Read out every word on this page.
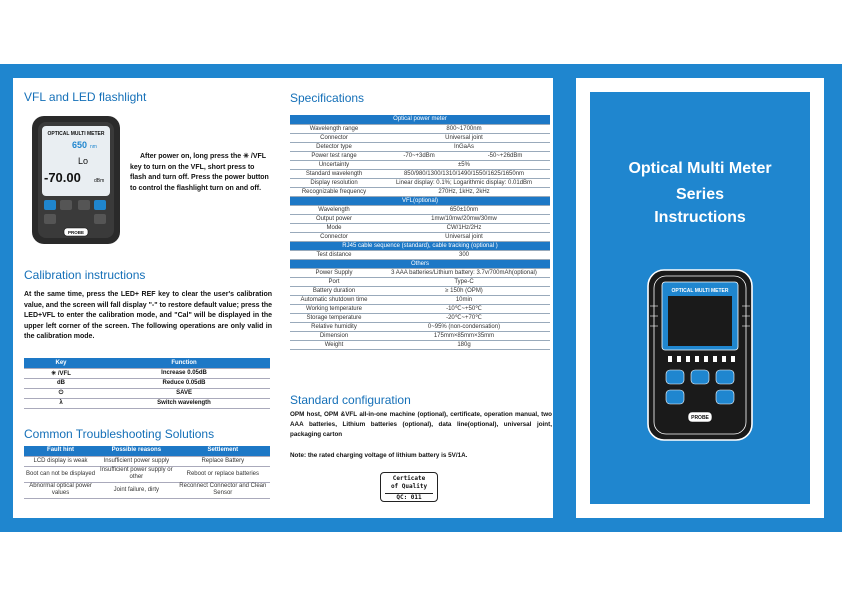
VFL and LED flashlight
OPTICAL MULTI METER
650 nm
Lo
-70.00	dBm
PROBE
After power on, long press the ✳ /VFL key to turn on the VFL, short press to flash and turn off. Press the power button to control the flashlight turn on and off.
Calibration instructions
At the same time, press the LED+ REF key to clear the user's calibration value, and the screen will fall display "-" to restore default value; press the LED+VFL to enter the calibration mode, and "Cal" will be displayed in the upper left corner of the screen. The following operations are only valid in the calibration mode.
Key	Function
✳ /VFL	Increase 0.05dB
dB	Reduce 0.05dB
⏻	SAVE
λ	Switch wavelength
Common Troubleshooting Solutions
Fault hint	Possible reasons	Settlement
LCD display is weak	Insufficient power supply	Replace Battery
Boot can not be displayed	Insufficient power supply or other	Reboot or replace batteries
Abnormal optical power values	Joint failure, dirty	Reconnect Connector and Clean Sensor
Specifications
Optical power meter		
Wavelength range	800~1700nm	
Connector	Universal joint	
Detector type	InGaAs	
Power test range	-70~+3dBm	-50~+26dBm
Uncertainty	±5%	
Standard wavelength	850/980/1300/1310/1490/1550/1625/1650nm	
Display resolution	Linear display: 0.1%; Logarithmic display: 0.01dBm	
Recognizable frequency	270Hz, 1kHz, 2kHz	
VFL(optional)		
Wavelength	650±10nm	
Output power	1mw/10mw/20mw/30mw	
Mode	CW/1Hz/2Hz	
Connector	Universal joint	
RJ45 cable sequence (standard), cable tracking (optional )		
Test distance	300	
Others		
Power Supply	3 AAA batteries/Lithium battery: 3.7v/700mAh(optional)	
Port	Type-C	
Battery duration	≥ 150h (OPM)	
Automatic shutdown time	10min	
Working temperature	-10℃~+50℃	
Storage temperature	-20℃~+70℃	
Relative humidity	0~95% (non-condensation)	
Dimension	175mm×85mm×35mm	
Weight	180g	
Standard configuration
OPM host, OPM &VFL all-in-one machine (optional), certificate, operation manual, two AAA batteries, Lithium batteries (optional), data line(optional), universal joint, packaging carton
Note: the rated charging voltage of lithium battery is 5V/1A.
Certicate
of Quality
QC: 011
Optical Multi Meter
Series
Instructions
OPTICAL MULTI METER
PROBE
